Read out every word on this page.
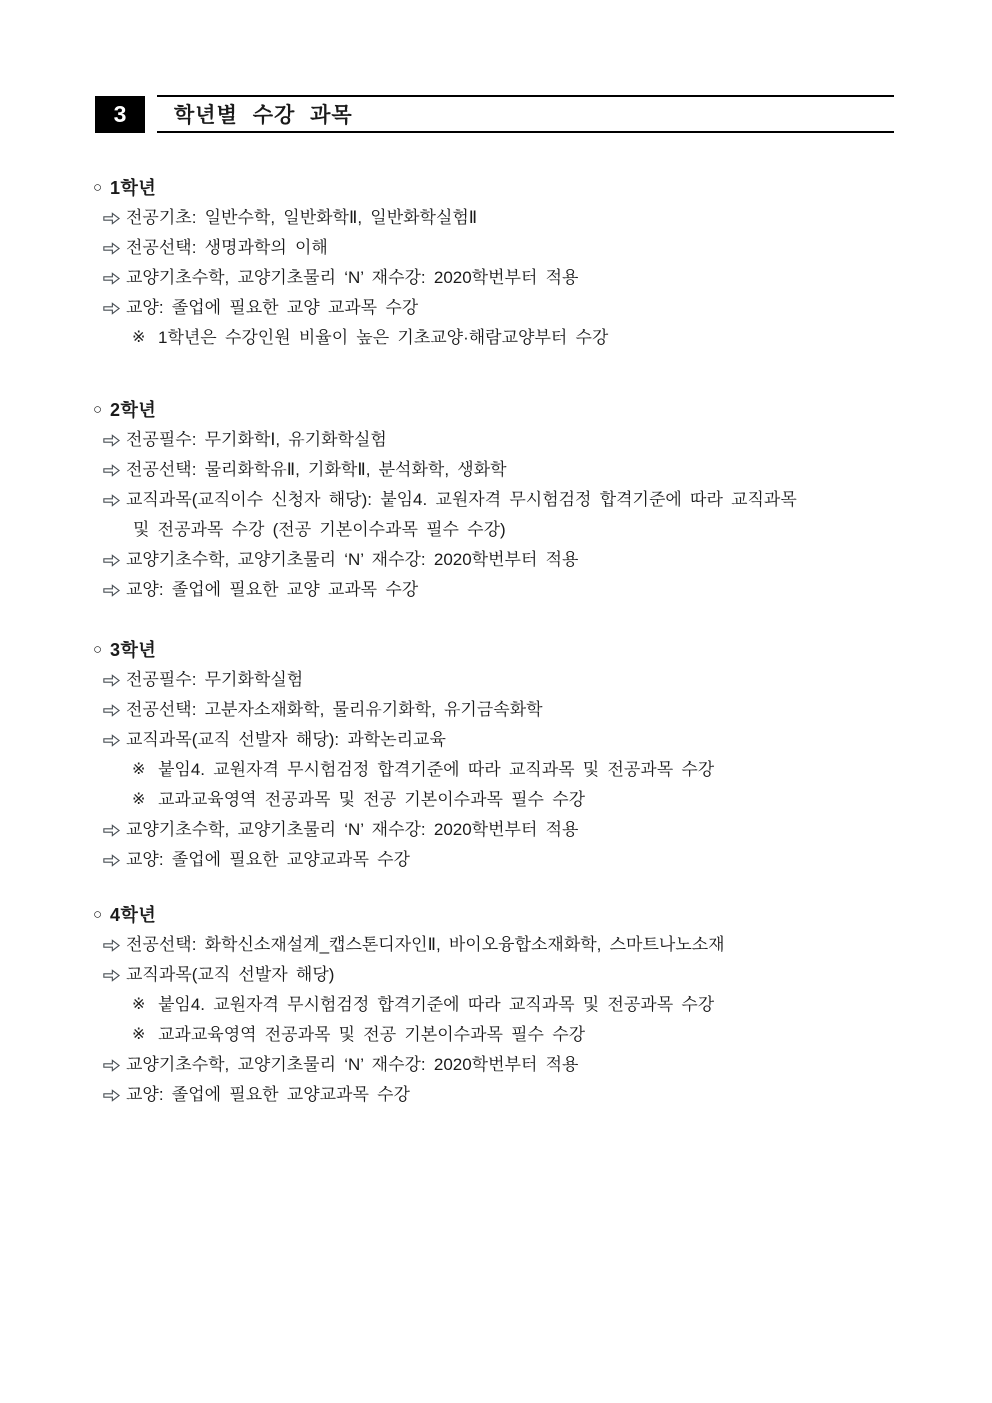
3	학년별 수강 과목
○ 1학년
전공기초: 일반수학, 일반화학Ⅱ, 일반화학실험Ⅱ
전공선택: 생명과학의 이해
교양기초수학, 교양기초물리 ‘N’ 재수강: 2020학번부터 적용
교양: 졸업에 필요한 교양 교과목 수강
※ 1학년은 수강인원 비율이 높은 기초교양·해람교양부터 수강
○ 2학년
전공필수: 무기화학Ⅰ, 유기화학실험
전공선택: 물리화학유Ⅱ, 기화학Ⅱ, 분석화학, 생화학
교직과목(교직이수 신청자 해당): 붙임4. 교원자격 무시험검정 합격기준에 따라 교직과목
및 전공과목 수강 (전공 기본이수과목 필수 수강)
교양기초수학, 교양기초물리 ‘N’ 재수강: 2020학번부터 적용
교양: 졸업에 필요한 교양 교과목 수강
○ 3학년
전공필수: 무기화학실험
전공선택: 고분자소재화학, 물리유기화학, 유기금속화학
교직과목(교직 선발자 해당): 과학논리교육
※ 붙임4. 교원자격 무시험검정 합격기준에 따라 교직과목 및 전공과목 수강
※ 교과교육영역 전공과목 및 전공 기본이수과목 필수 수강
교양기초수학, 교양기초물리 ‘N’ 재수강: 2020학번부터 적용
교양: 졸업에 필요한 교양교과목 수강
○ 4학년
전공선택: 화학신소재설계_캡스톤디자인Ⅱ, 바이오융합소재화학, 스마트나노소재
교직과목(교직 선발자 해당)
※ 붙임4. 교원자격 무시험검정 합격기준에 따라 교직과목 및 전공과목 수강
※ 교과교육영역 전공과목 및 전공 기본이수과목 필수 수강
교양기초수학, 교양기초물리 ‘N’ 재수강: 2020학번부터 적용
교양: 졸업에 필요한 교양교과목 수강
